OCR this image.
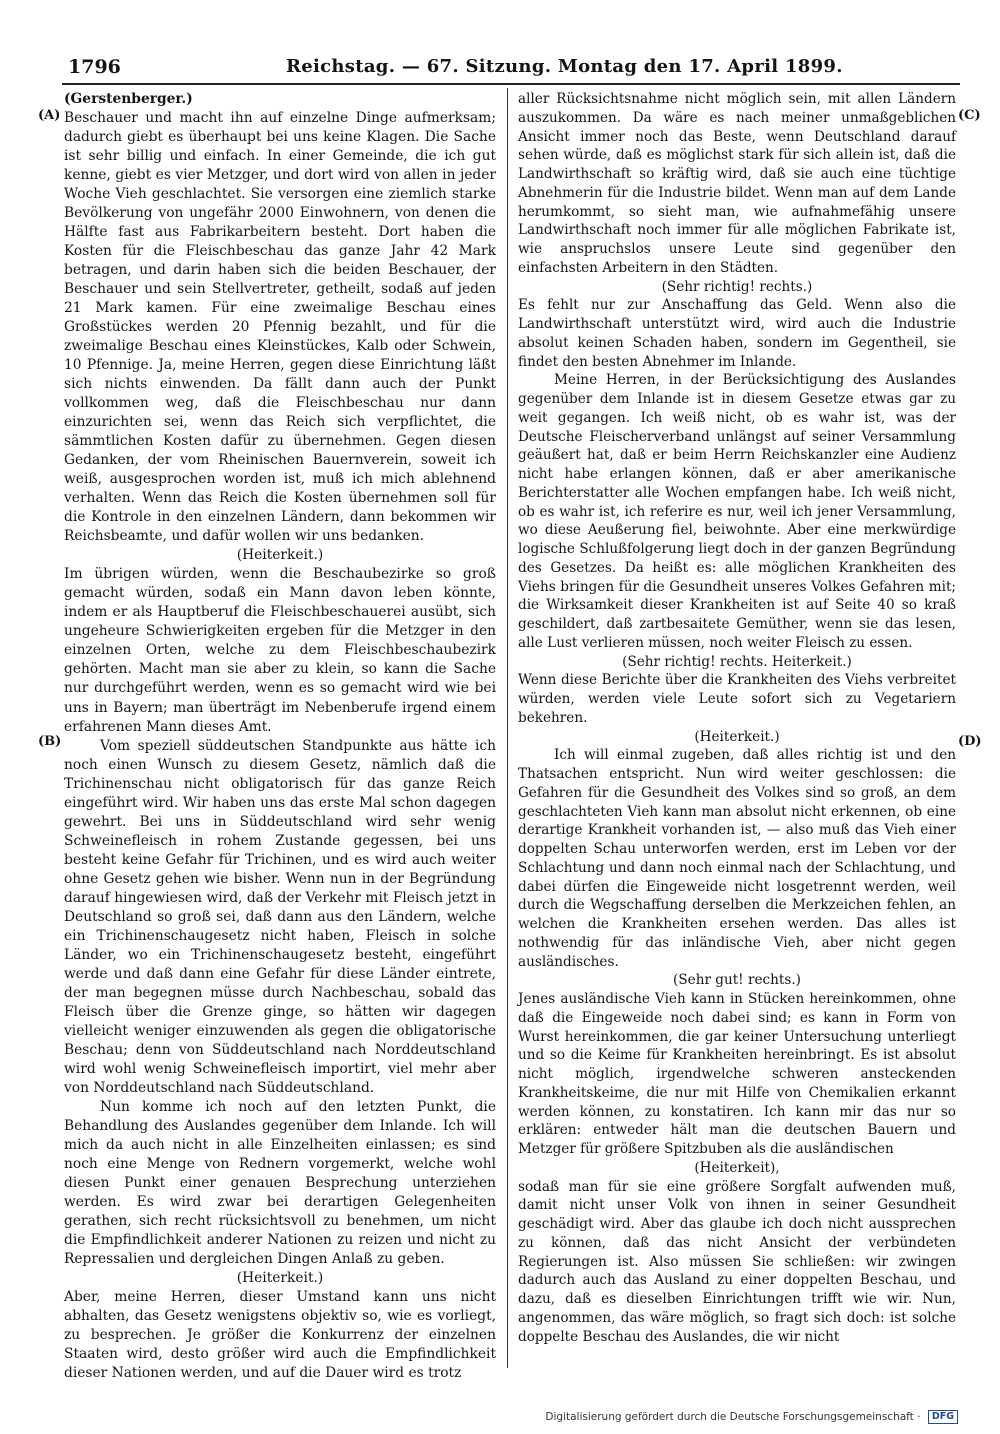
1796	Reichstag. — 67. Sitzung. Montag den 17. April 1899.
(A)
(B)
(C)
(D)

(Gerstenberger.)

Beschauer und macht ihn auf einzelne Dinge aufmerksam; dadurch giebt es überhaupt bei uns keine Klagen. Die Sache ist sehr billig und einfach. In einer Gemeinde, die ich gut kenne, giebt es vier Metzger, und dort wird von allen in jeder Woche Vieh geschlachtet. Sie versorgen eine ziemlich starke Bevölkerung von ungefähr 2000 Einwohnern, von denen die Hälfte fast aus Fabrikarbeitern besteht. Dort haben die Kosten für die Fleischbeschau das ganze Jahr 42 Mark betragen, und darin haben sich die beiden Beschauer, der Beschauer und sein Stellvertreter, getheilt, sodaß auf jeden 21 Mark kamen. Für eine zweimalige Beschau eines Großstückes werden 20 Pfennig bezahlt, und für die zweimalige Beschau eines Kleinstückes, Kalb oder Schwein, 10 Pfennige. Ja, meine Herren, gegen diese Einrichtung läßt sich nichts einwenden. Da fällt dann auch der Punkt vollkommen weg, daß die Fleischbeschau nur dann einzurichten sei, wenn das Reich sich verpflichtet, die sämmtlichen Kosten dafür zu übernehmen. Gegen diesen Gedanken, der vom Rheinischen Bauernverein, soweit ich weiß, ausgesprochen worden ist, muß ich mich ablehnend verhalten. Wenn das Reich die Kosten übernehmen soll für die Kontrole in den einzelnen Ländern, dann bekommen wir Reichsbeamte, und dafür wollen wir uns bedanken.

(Heiterkeit.)

Im übrigen würden, wenn die Beschaubezirke so groß gemacht würden, sodaß ein Mann davon leben könnte, indem er als Hauptberuf die Fleischbeschauerei ausübt, sich ungeheure Schwierigkeiten ergeben für die Metzger in den einzelnen Orten, welche zu dem Fleischbeschaubezirk gehörten. Macht man sie aber zu klein, so kann die Sache nur durchgeführt werden, wenn es so gemacht wird wie bei uns in Bayern; man überträgt im Nebenberufe irgend einem erfahrenen Mann dieses Amt.

Vom speziell süddeutschen Standpunkte aus hätte ich noch einen Wunsch zu diesem Gesetz, nämlich daß die Trichinenschau nicht obligatorisch für das ganze Reich eingeführt wird. Wir haben uns das erste Mal schon dagegen gewehrt. Bei uns in Süddeutschland wird sehr wenig Schweinefleisch in rohem Zustande gegessen, bei uns besteht keine Gefahr für Trichinen, und es wird auch weiter ohne Gesetz gehen wie bisher. Wenn nun in der Begründung darauf hingewiesen wird, daß der Verkehr mit Fleisch jetzt in Deutschland so groß sei, daß dann aus den Ländern, welche ein Trichinenschaugesetz nicht haben, Fleisch in solche Länder, wo ein Trichinenschaugesetz besteht, eingeführt werde und daß dann eine Gefahr für diese Länder eintrete, der man begegnen müsse durch Nachbeschau, sobald das Fleisch über die Grenze ginge, so hätten wir dagegen vielleicht weniger einzuwenden als gegen die obligatorische Beschau; denn von Süddeutschland nach Norddeutschland wird wohl wenig Schweinefleisch importirt, viel mehr aber von Norddeutschland nach Süddeutschland.

Nun komme ich noch auf den letzten Punkt, die Behandlung des Auslandes gegenüber dem Inlande. Ich will mich da auch nicht in alle Einzelheiten einlassen; es sind noch eine Menge von Rednern vorgemerkt, welche wohl diesen Punkt einer genauen Besprechung unterziehen werden. Es wird zwar bei derartigen Gelegenheiten gerathen, sich recht rücksichtsvoll zu benehmen, um nicht die Empfindlichkeit anderer Nationen zu reizen und nicht zu Repressalien und dergleichen Dingen Anlaß zu geben.

(Heiterkeit.)

Aber, meine Herren, dieser Umstand kann uns nicht abhalten, das Gesetz wenigstens objektiv so, wie es vorliegt, zu besprechen. Je größer die Konkurrenz der einzelnen Staaten wird, desto größer wird auch die Empfindlichkeit dieser Nationen werden, und auf die Dauer wird es trotz

aller Rücksichtsnahme nicht möglich sein, mit allen Ländern auszukommen. Da wäre es nach meiner unmaßgeblichen Ansicht immer noch das Beste, wenn Deutschland darauf sehen würde, daß es möglichst stark für sich allein ist, daß die Landwirthschaft so kräftig wird, daß sie auch eine tüchtige Abnehmerin für die Industrie bildet. Wenn man auf dem Lande herumkommt, so sieht man, wie aufnahmefähig unsere Landwirthschaft noch immer für alle möglichen Fabrikate ist, wie anspruchslos unsere Leute sind gegenüber den einfachsten Arbeitern in den Städten.

(Sehr richtig! rechts.)

Es fehlt nur zur Anschaffung das Geld. Wenn also die Landwirthschaft unterstützt wird, wird auch die Industrie absolut keinen Schaden haben, sondern im Gegentheil, sie findet den besten Abnehmer im Inlande.

Meine Herren, in der Berücksichtigung des Auslandes gegenüber dem Inlande ist in diesem Gesetze etwas gar zu weit gegangen. Ich weiß nicht, ob es wahr ist, was der Deutsche Fleischerverband unlängst auf seiner Versammlung geäußert hat, daß er beim Herrn Reichskanzler eine Audienz nicht habe erlangen können, daß er aber amerikanische Berichterstatter alle Wochen empfangen habe. Ich weiß nicht, ob es wahr ist, ich referire es nur, weil ich jener Versammlung, wo diese Aeußerung fiel, beiwohnte. Aber eine merkwürdige logische Schlußfolgerung liegt doch in der ganzen Begründung des Gesetzes. Da heißt es: alle möglichen Krankheiten des Viehs bringen für die Gesundheit unseres Volkes Gefahren mit; die Wirksamkeit dieser Krankheiten ist auf Seite 40 so kraß geschildert, daß zartbesaitete Gemüther, wenn sie das lesen, alle Lust verlieren müssen, noch weiter Fleisch zu essen.

(Sehr richtig! rechts. Heiterkeit.)

Wenn diese Berichte über die Krankheiten des Viehs verbreitet würden, werden viele Leute sofort sich zu Vegetariern bekehren.

(Heiterkeit.)

Ich will einmal zugeben, daß alles richtig ist und den Thatsachen entspricht. Nun wird weiter geschlossen: die Gefahren für die Gesundheit des Volkes sind so groß, an dem geschlachteten Vieh kann man absolut nicht erkennen, ob eine derartige Krankheit vorhanden ist, — also muß das Vieh einer doppelten Schau unterworfen werden, erst im Leben vor der Schlachtung und dann noch einmal nach der Schlachtung, und dabei dürfen die Eingeweide nicht losgetrennt werden, weil durch die Wegschaffung derselben die Merkzeichen fehlen, an welchen die Krankheiten ersehen werden. Das alles ist nothwendig für das inländische Vieh, aber nicht gegen ausländisches.

(Sehr gut! rechts.)

Jenes ausländische Vieh kann in Stücken hereinkommen, ohne daß die Eingeweide noch dabei sind; es kann in Form von Wurst hereinkommen, die gar keiner Untersuchung unterliegt und so die Keime für Krankheiten hereinbringt. Es ist absolut nicht möglich, irgendwelche schweren ansteckenden Krankheitskeime, die nur mit Hilfe von Chemikalien erkannt werden können, zu konstatiren. Ich kann mir das nur so erklären: entweder hält man die deutschen Bauern und Metzger für größere Spitzbuben als die ausländischen

(Heiterkeit),

sodaß man für sie eine größere Sorgfalt aufwenden muß, damit nicht unser Volk von ihnen in seiner Gesundheit geschädigt wird. Aber das glaube ich doch nicht aussprechen zu können, daß das nicht Ansicht der verbündeten Regierungen ist. Also müssen Sie schließen: wir zwingen dadurch auch das Ausland zu einer doppelten Beschau, und dazu, daß es dieselben Einrichtungen trifft wie wir. Nun, angenommen, das wäre möglich, so fragt sich doch: ist solche doppelte Beschau des Auslandes, die wir nicht

Digitalisierung gefördert durch die Deutsche Forschungsgemeinschaft · DFG
